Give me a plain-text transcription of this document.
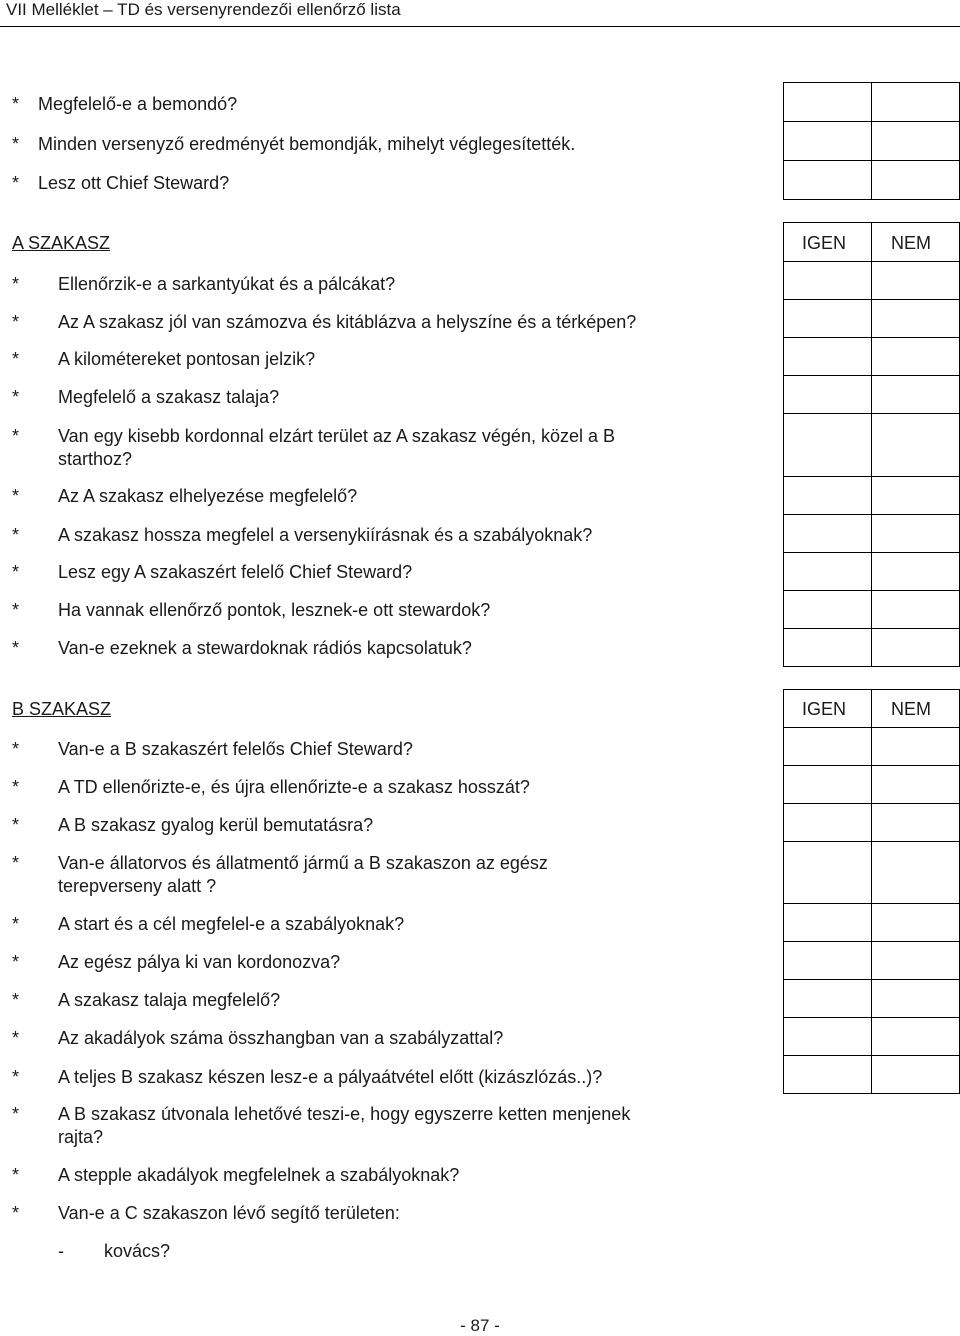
VII Melléklet – TD és versenyrendezői ellenőrző lista
* Megfelelő-e a bemondó?
* Minden versenyző eredményét bemondják, mihelyt véglegesítették.
* Lesz ott Chief Steward?

A SZAKASZ	IGEN NEM
* Ellenőrzik-e a sarkantyúkat és a pálcákat?
* Az A szakasz jól van számozva és kitáblázva a helyszíne és a térképen?
* A kilométereket pontosan jelzik?
* Megfelelő a szakasz talaja?
* Van egy kisebb kordonnal elzárt terület az A szakasz végén, közel a B
starthoz?
* Az A szakasz elhelyezése megfelelő?
* A szakasz hossza megfelel a versenykiírásnak és a szabályoknak?
* Lesz egy A szakaszért felelő Chief Steward?
* Ha vannak ellenőrző pontok, lesznek-e ott stewardok?
* Van-e ezeknek a stewardoknak rádiós kapcsolatuk?

B SZAKASZ	IGEN NEM
* Van-e a B szakaszért felelős Chief Steward?
* A TD ellenőrizte-e, és újra ellenőrizte-e a szakasz hosszát?
* A B szakasz gyalog kerül bemutatásra?
* Van-e állatorvos és állatmentő jármű a B szakaszon az egész
terepverseny alatt ?
* A start és a cél megfelel-e a szabályoknak?
* Az egész pálya ki van kordonozva?
* A szakasz talaja megfelelő?
* Az akadályok száma összhangban van a szabályzattal?
* A teljes B szakasz készen lesz-e a pályaátvétel előtt (kizászlózás..)?
* A B szakasz útvonala lehetővé teszi-e, hogy egyszerre ketten menjenek
rajta?
* A stepple akadályok megfelelnek a szabályoknak?
* Van-e a C szakaszon lévő segítő területen:
- kovács?

- 87 -
